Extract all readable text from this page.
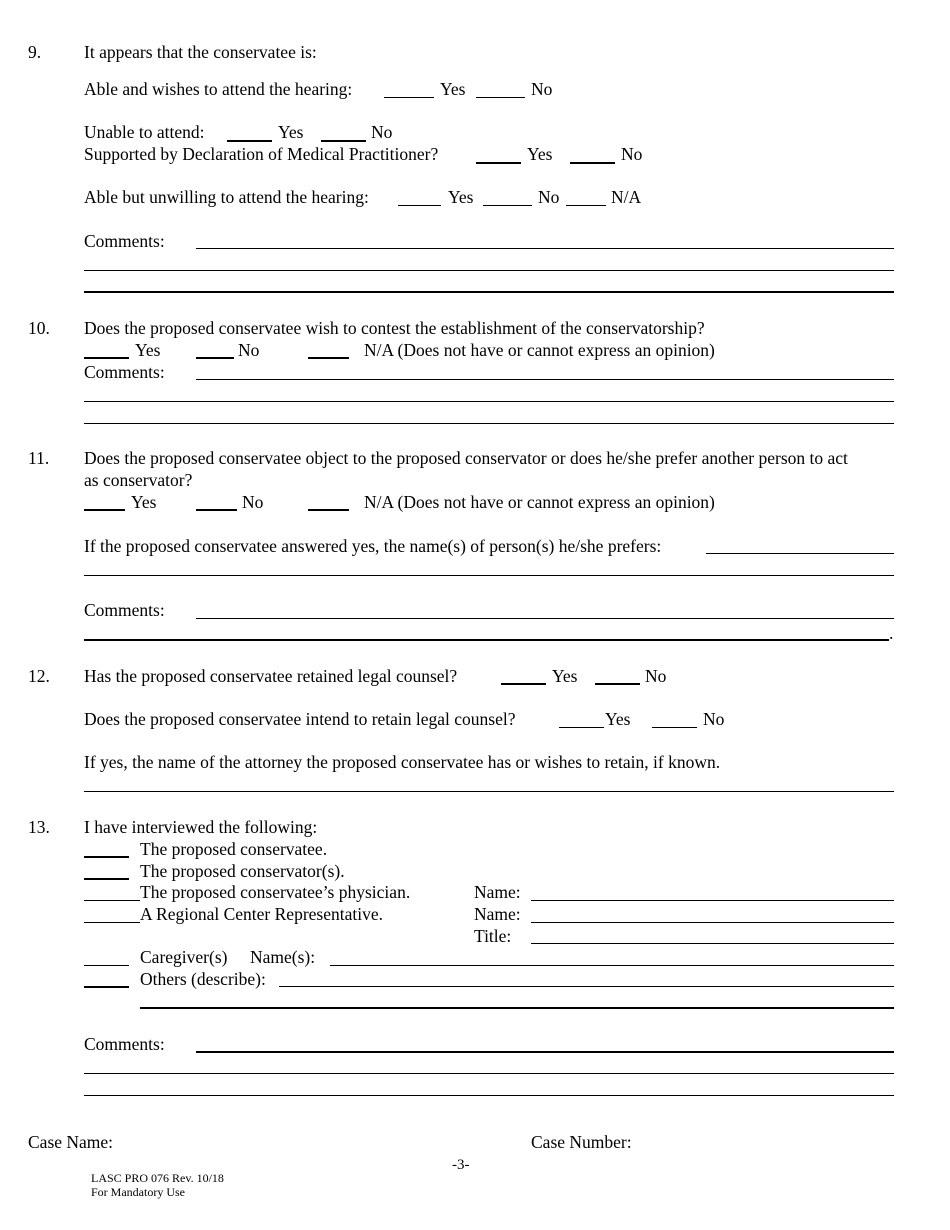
9. It appears that the conservatee is:
Able and wishes to attend the hearing:	Yes	No
Unable to attend:	Yes	No
Supported by Declaration of Medical Practitioner?	Yes	No
Able but unwilling to attend the hearing:	Yes	No	N/A
Comments:
10. Does the proposed conservatee wish to contest the establishment of the conservatorship?
Yes	No	N/A (Does not have or cannot express an opinion)
Comments:
11. Does the proposed conservatee object to the proposed conservator or does he/she prefer another person to act
as conservator?
Yes	No	N/A (Does not have or cannot express an opinion)
If the proposed conservatee answered yes, the name(s) of person(s) he/she prefers:
Comments:
.
12. Has the proposed conservatee retained legal counsel?	Yes	No
Does the proposed conservatee intend to retain legal counsel?	Yes	No
If yes, the name of the attorney the proposed conservatee has or wishes to retain, if known.
13. I have interviewed the following:
The proposed conservatee.
The proposed conservator(s).
The proposed conservatee’s physician.	Name:
A Regional Center Representative.	Name:
Title:
Caregiver(s) Name(s):
Others (describe):
Comments:
Case Name:	Case Number:
-3-
LASC PRO 076 Rev. 10/18
For Mandatory Use
